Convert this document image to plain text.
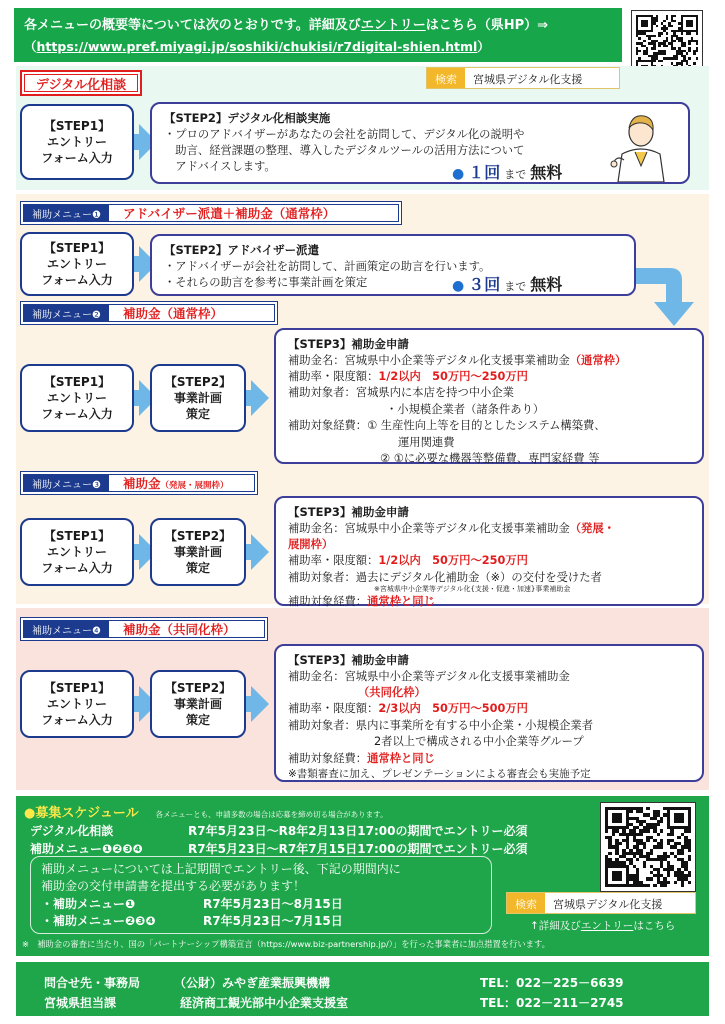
各メニューの概要等については次のとおりです。詳細及びエントリーはこちら（県HP）⇒
（https://www.pref.miyagi.jp/soshiki/chukisi/r7digital-shien.html）
デジタル化相談	検索	宮城県デジタル化支援
【STEP1】
エントリー
フォーム入力
【STEP2】デジタル化相談実施
・プロのアドバイザーがあなたの会社を訪問して、デジタル化の説明や
　助言、経営課題の整理、導入したデジタルツールの活用方法について
　アドバイスします。	● １回 まで 無料
補助メニュー❶	アドバイザー派遣＋補助金（通常枠）
【STEP1】
エントリー
フォーム入力
【STEP2】アドバイザー派遣
・アドバイザーが会社を訪問して、計画策定の助言を行います。
・それらの助言を参考に事業計画を策定	● ３回 まで 無料
補助メニュー❷	補助金（通常枠）
【STEP1】
エントリー
フォーム入力
【STEP2】
事業計画
策定
【STEP3】補助金申請
補助金名：宮城県中小企業等デジタル化支援事業補助金（通常枠）
補助率・限度額：1/2以内　50万円～250万円
補助対象者：宮城県内に本店を持つ中小企業
・小規模企業者（諸条件あり）
補助対象経費：① 生産性向上等を目的としたシステム構築費、
運用関連費
② ①に必要な機器等整備費、専門家経費 等
補助メニュー❸	補助金（発展・展開枠）
【STEP1】
エントリー
フォーム入力
【STEP2】
事業計画
策定
【STEP3】補助金申請
補助金名：宮城県中小企業等デジタル化支援事業補助金（発展・
展開枠）
補助率・限度額：1/2以内　50万円～250万円
補助対象者：過去にデジタル化補助金（※）の交付を受けた者
※宮城県中小企業等デジタル化{支援・促進・加速}事業補助金
補助対象経費：通常枠と同じ
補助メニュー❹	補助金（共同化枠）
【STEP1】
エントリー
フォーム入力
【STEP2】
事業計画
策定
【STEP3】補助金申請
補助金名：宮城県中小企業等デジタル化支援事業補助金
（共同化枠）
補助率・限度額：2/3以内　50万円～500万円
補助対象者：県内に事業所を有する中小企業・小規模企業者
2者以上で構成される中小企業等グループ
補助対象経費：通常枠と同じ
※書類審査に加え、プレゼンテーションによる審査会も実施予定
●募集スケジュール 各メニューとも、申請多数の場合は応募を締め切る場合があります。
デジタル化相談	R7年5月23日～R8年2月13日17:00の期間でエントリー必須
補助メニュー❶❷❸❹	R7年5月23日～R7年7月15日17:00の期間でエントリー必須
補助メニューについては上記期間でエントリー後、下記の期間内に
補助金の交付申請書を提出する必要があります！
・補助メニュー❶	R7年5月23日～8月15日
・補助メニュー❷❸❹	R7年5月23日～7月15日
検索	宮城県デジタル化支援
↑詳細及びエントリーはこちら
※　補助金の審査に当たり、国の「パートナーシップ構築宣言（https://www.biz-partnership.jp/）」を行った事業者に加点措置を行います。
問合せ先・事務局	（公財）みやぎ産業振興機構	TEL：022－225－6639
宮城県担当課	経済商工観光部中小企業支援室	TEL：022－211－2745
